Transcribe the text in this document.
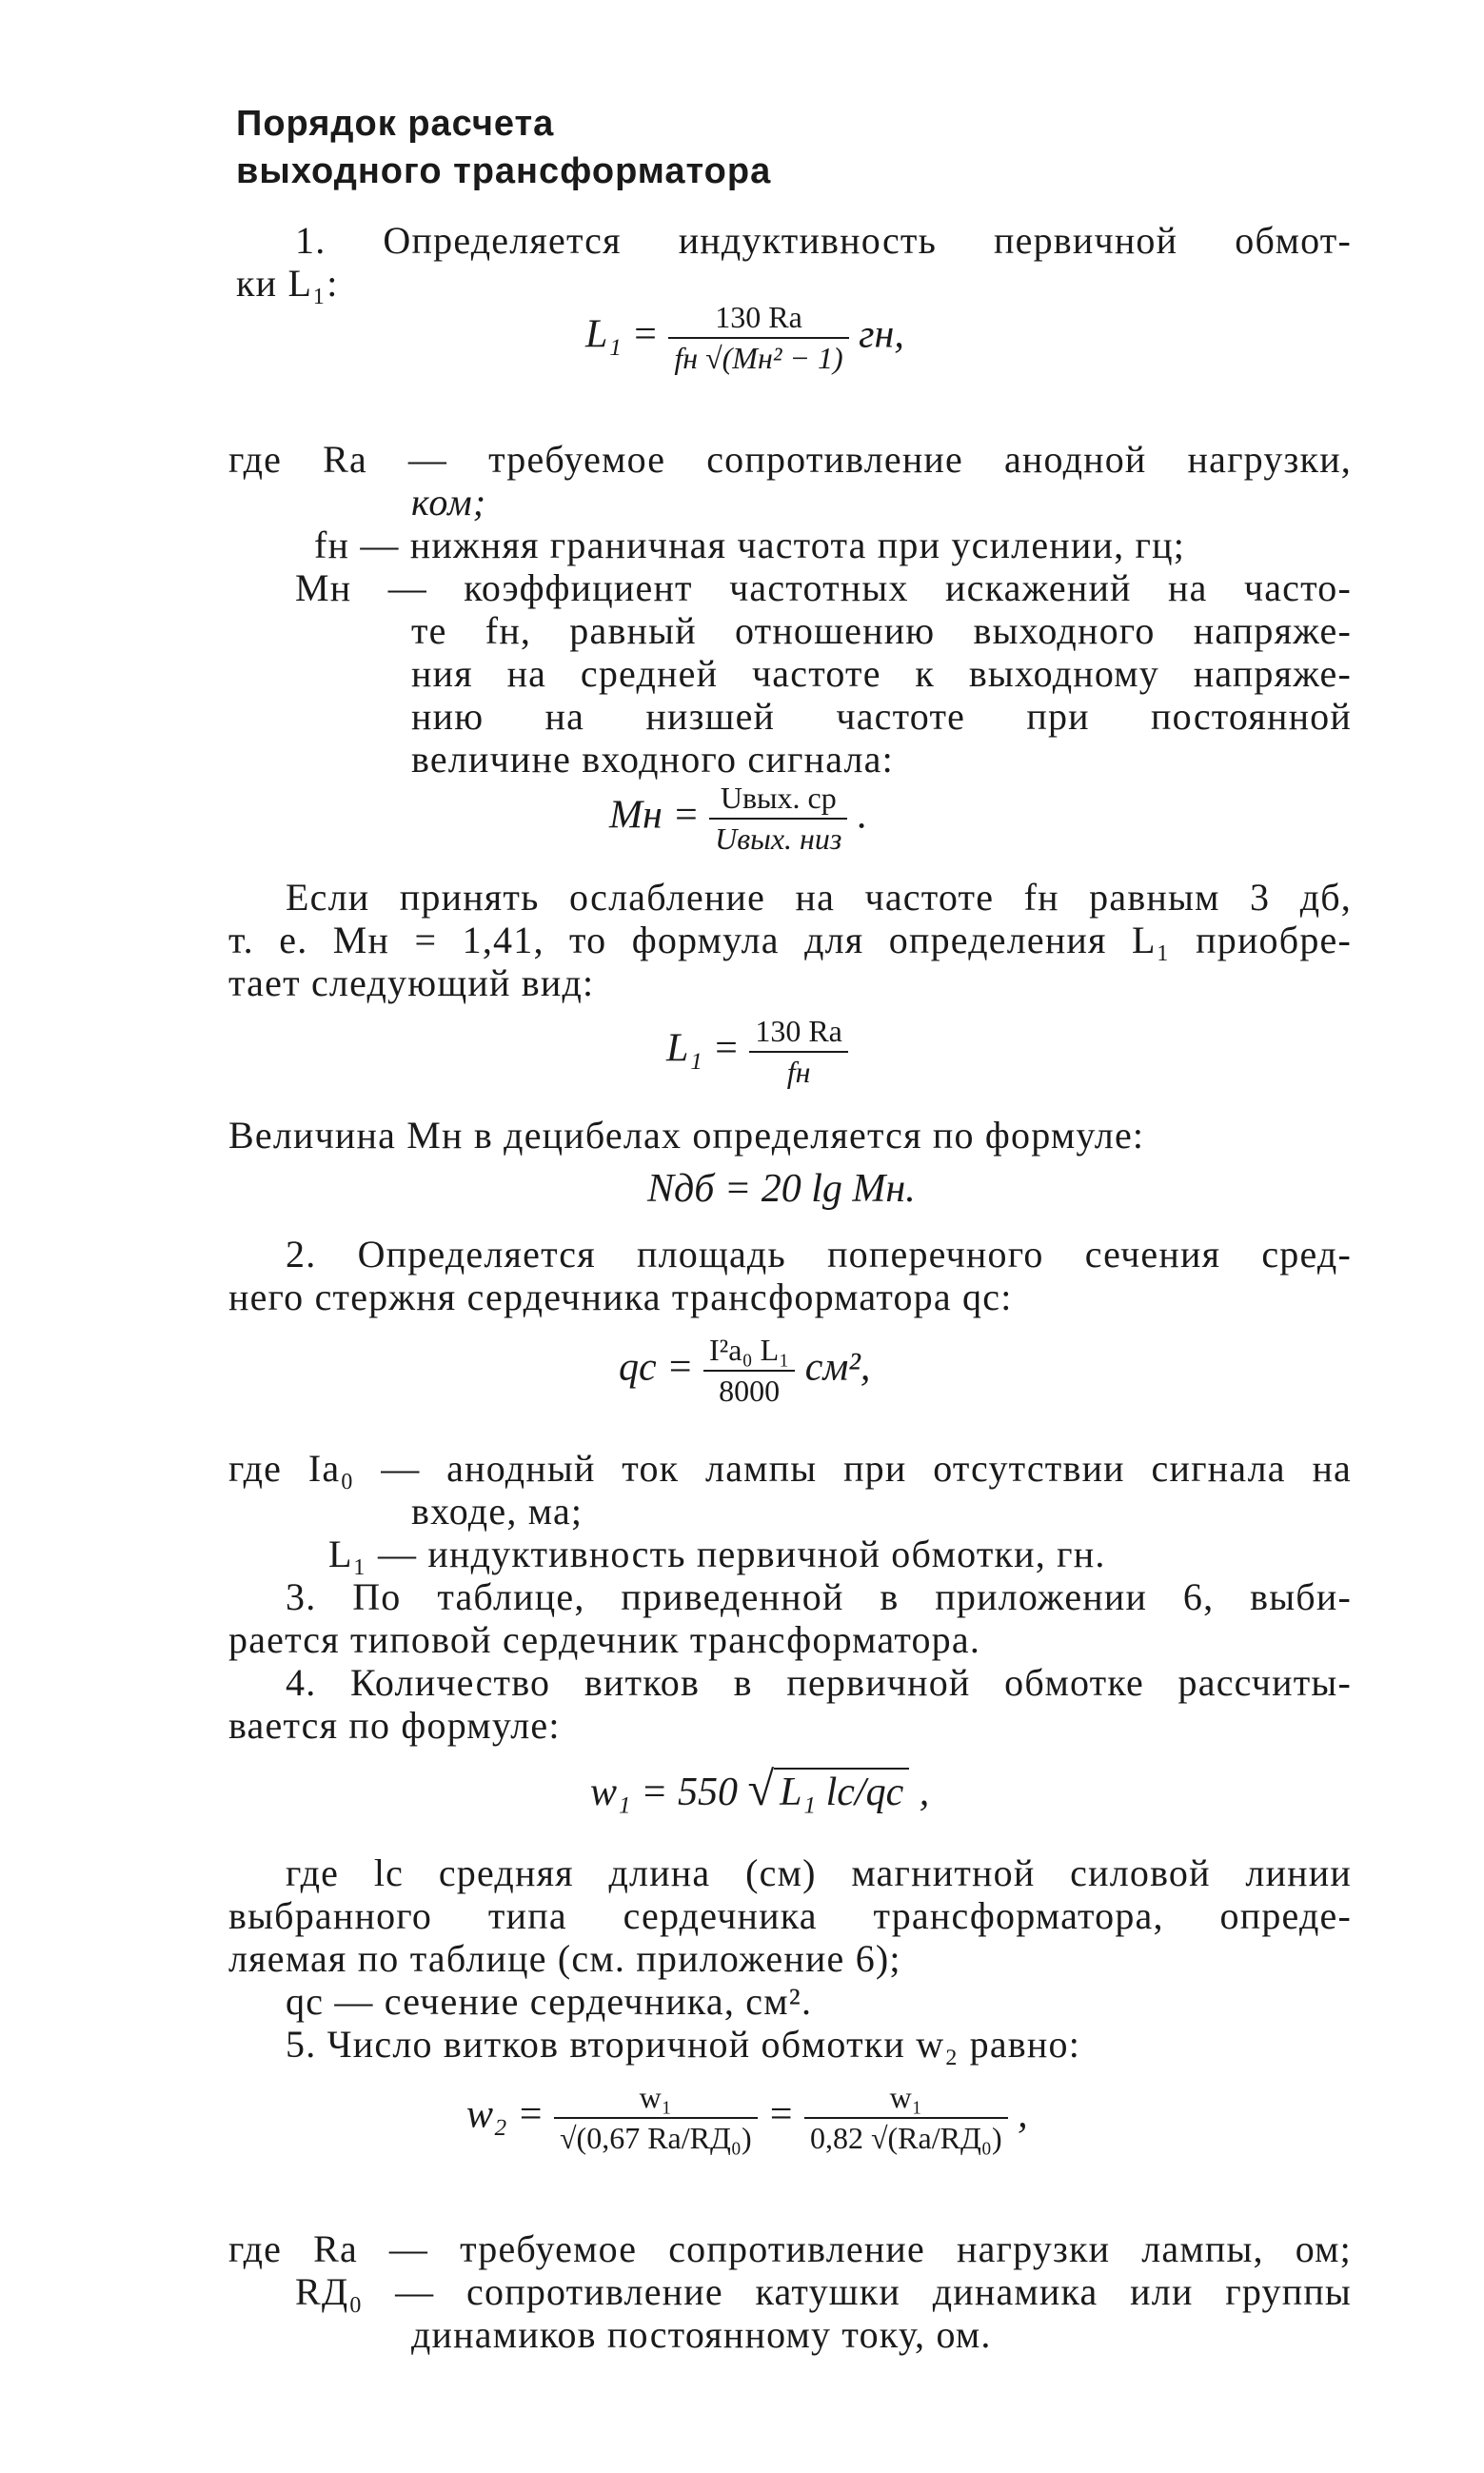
Порядок расчета
выходного трансформатора
1. Определяется индуктивность первичной обмот-
ки L₁:
$L_1 = \frac{130 Rа}{\text{fн √(Mн² − 1)}}$ гн,
где Rа — требуемое сопротивление анодной нагрузки,
ком;
fн — нижняя граничная частота при усилении, гц;
Mн — коэффициент частотных искажений на часто-
те fн, равный отношению выходного напряже-
ния на средней частоте к выходному напряже-
нию на низшей частоте при постоянной
величине входного сигнала:
Mн = $\frac{\text{Uвых. ср}}{\text{Uвых. низ}}$ .
Если принять ослабление на частоте fн равным 3 дб,
т. е. Mн = 1,41, то формула для определения L₁ приобре-
тает следующий вид:
$L_1 = \frac{130 Rа}{fн}$
Величина Mн в децибелах определяется по формуле:
Nдб = 20 lg Mн.
2. Определяется площадь поперечного сечения сред-
него стержня сердечника трансформатора qс:
qс = $\frac{\text{I²а₀ L₁}}{8000} см^2$,
где Iа₀ — анодный ток лампы при отсутствии сигнала на
входе, ма;
L₁ — индуктивность первичной обмотки, гн.
3. По таблице, приведенной в приложении 6, выби-
рается типовой сердечник трансформатора.
4. Количество витков в первичной обмотке рассчиты-
вается по формуле:
w₁ = 550 √ L₁ lс/qс ,
где lс средняя длина (см) магнитной силовой линии
выбранного типа сердечника трансформатора, опреде-
ляемая по таблице (см. приложение 6);
qс — сечение сердечника, см².
5. Число витков вторичной обмотки w₂ равно:
$w_2 = \frac{\text{w₁}}{\text{√(0,67 Rа/RД₀)}} = \frac{\text{w₁}}{\text{0,82 √(Rа/RД₀)}}$ ,
где Rа — требуемое сопротивление нагрузки лампы, ом;
RД₀ — сопротивление катушки динамика или группы
динамиков постоянному току, ом.
